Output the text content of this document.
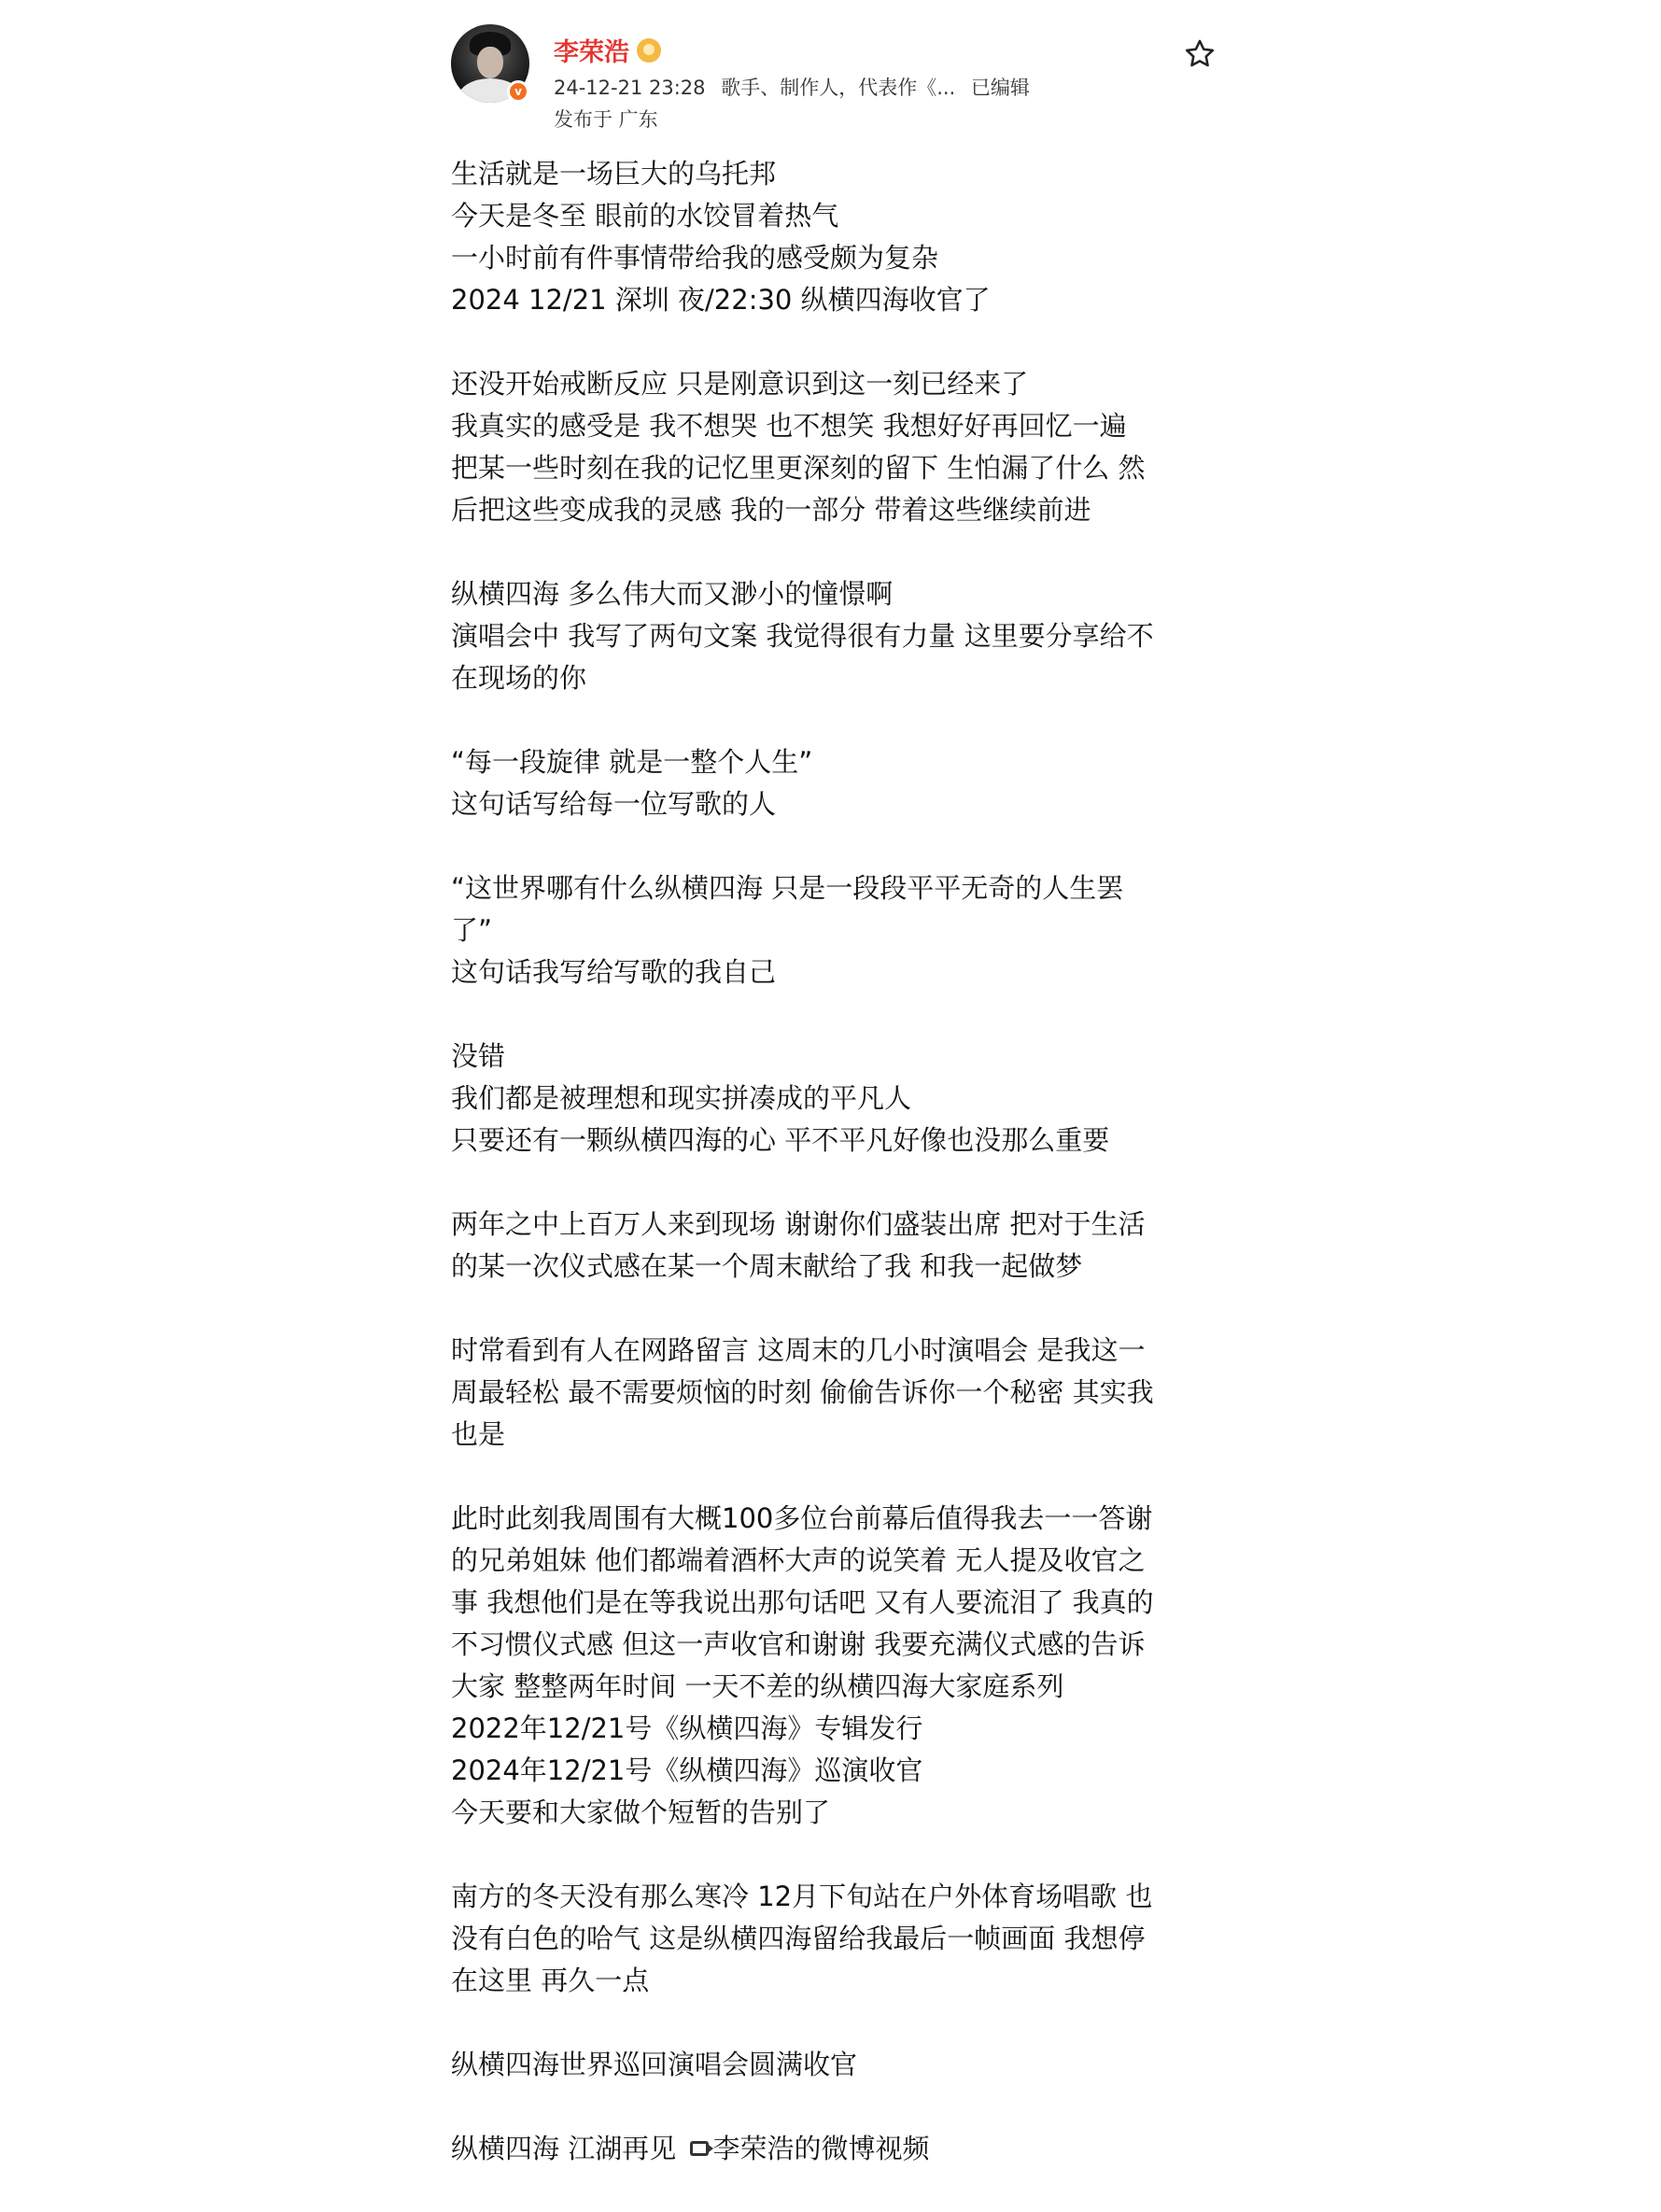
v
李荣浩
24-12-21 23:28 歌手、制作人，代表作《... 已编辑
发布于 广东
生活就是一场巨大的乌托邦
今天是冬至 眼前的水饺冒着热气
一小时前有件事情带给我的感受颇为复杂
2024 12/21 深圳 夜/22:30 纵横四海收官了
还没开始戒断反应 只是刚意识到这一刻已经来了
我真实的感受是 我不想哭 也不想笑 我想好好再回忆一遍
把某一些时刻在我的记忆里更深刻的留下 生怕漏了什么 然
后把这些变成我的灵感 我的一部分 带着这些继续前进
纵横四海 多么伟大而又渺小的憧憬啊
演唱会中 我写了两句文案 我觉得很有力量 这里要分享给不
在现场的你
“每一段旋律 就是一整个人生”
这句话写给每一位写歌的人
“这世界哪有什么纵横四海 只是一段段平平无奇的人生罢
了”
这句话我写给写歌的我自己
没错
我们都是被理想和现实拼凑成的平凡人
只要还有一颗纵横四海的心 平不平凡好像也没那么重要
两年之中上百万人来到现场 谢谢你们盛装出席 把对于生活
的某一次仪式感在某一个周末献给了我 和我一起做梦
时常看到有人在网路留言 这周末的几小时演唱会 是我这一
周最轻松 最不需要烦恼的时刻 偷偷告诉你一个秘密 其实我
也是
此时此刻我周围有大概100多位台前幕后值得我去一一答谢
的兄弟姐妹 他们都端着酒杯大声的说笑着 无人提及收官之
事 我想他们是在等我说出那句话吧 又有人要流泪了 我真的
不习惯仪式感 但这一声收官和谢谢 我要充满仪式感的告诉
大家 整整两年时间 一天不差的纵横四海大家庭系列
2022年12/21号《纵横四海》专辑发行
2024年12/21号《纵横四海》巡演收官
今天要和大家做个短暂的告别了
南方的冬天没有那么寒冷 12月下旬站在户外体育场唱歌 也
没有白色的哈气 这是纵横四海留给我最后一帧画面 我想停
在这里 再久一点
纵横四海世界巡回演唱会圆满收官
纵横四海 江湖再见 李荣浩的微博视频
